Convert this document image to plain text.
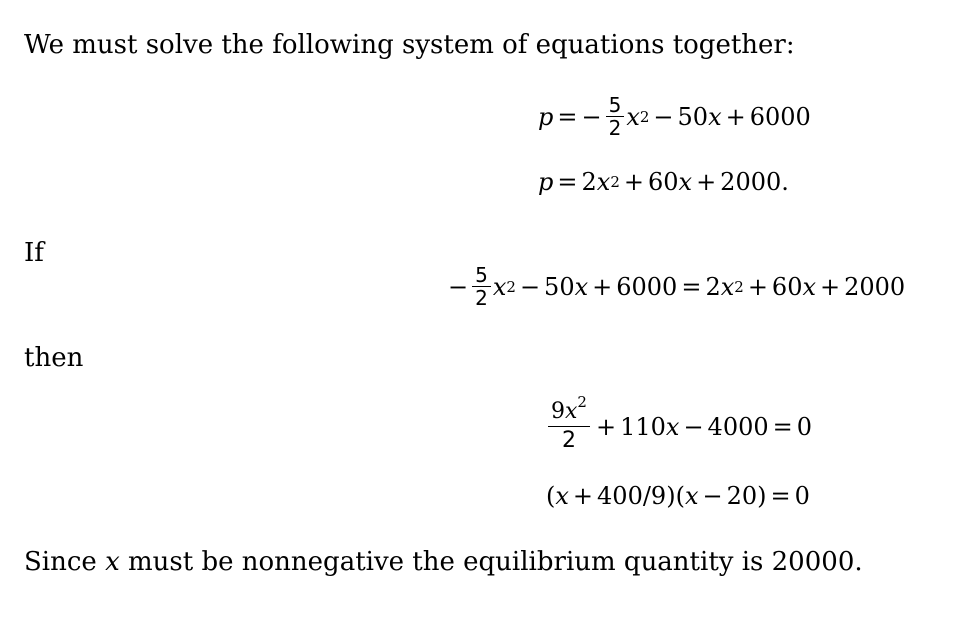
We must solve the following system of equations together:
p = − $\frac{5}{2}$ x 2 − 50 x + 6000
p = 2 x 2 + 60 x + 2000.
If
− $\frac{5}{2}$ x 2 − 50 x + 6000 = 2 x 2 + 60 x + 2000
then
$\frac{9x^2}{2} + 110$ x − 4000 = 0
( x + 400/9 ) ( x − 20 ) = 0
Since x must be nonnegative the equilibrium quantity is 20000.
